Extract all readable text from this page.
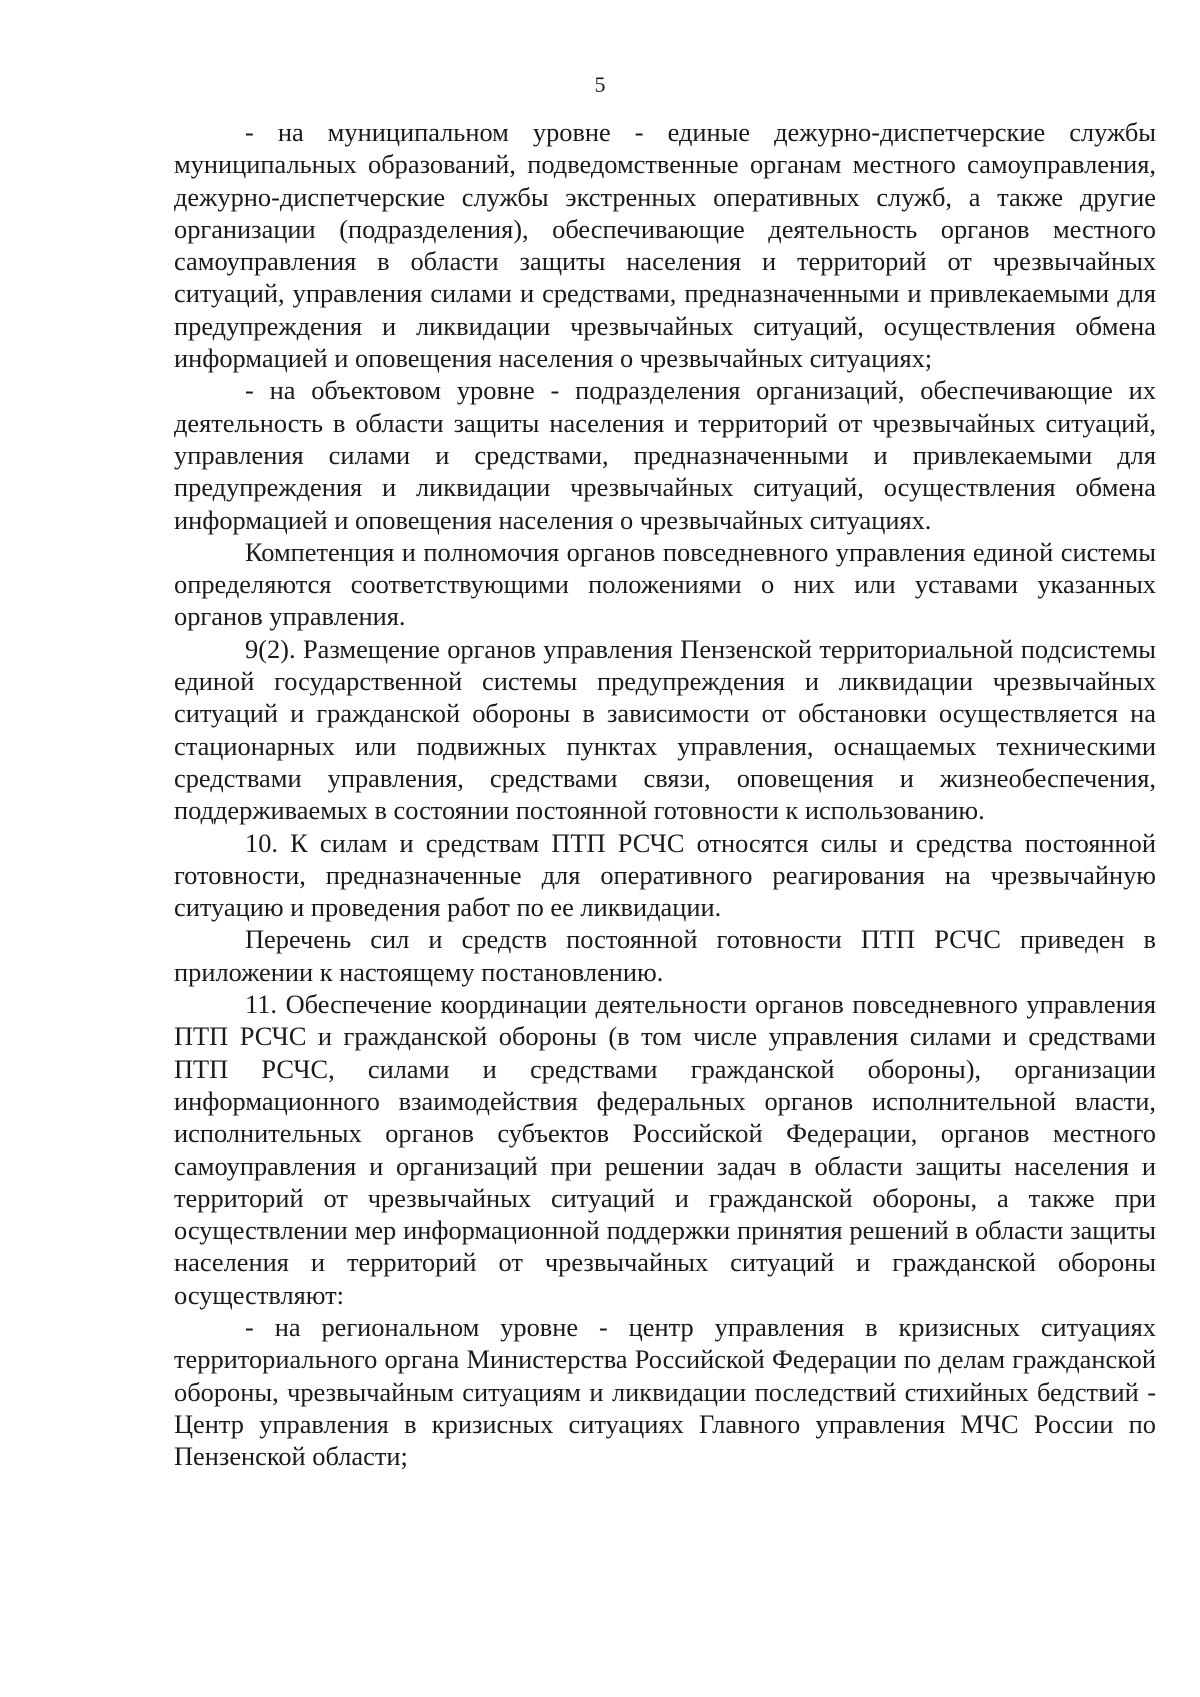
5

- на муниципальном уровне - единые дежурно-диспетчерские службы муниципальных образований, подведомственные органам местного самоуправления, дежурно-диспетчерские службы экстренных оперативных служб, а также другие организации (подразделения), обеспечивающие деятельность органов местного самоуправления в области защиты населения и территорий от чрезвычайных ситуаций, управления силами и средствами, предназначенными и привлекаемыми для предупреждения и ликвидации чрезвычайных ситуаций, осуществления обмена информацией и оповещения населения о чрезвычайных ситуациях;

- на объектовом уровне - подразделения организаций, обеспечивающие их деятельность в области защиты населения и территорий от чрезвычайных ситуаций, управления силами и средствами, предназначенными и привлекаемыми для предупреждения и ликвидации чрезвычайных ситуаций, осуществления обмена информацией и оповещения населения о чрезвычайных ситуациях.

Компетенция и полномочия органов повседневного управления единой системы определяются соответствующими положениями о них или уставами указанных органов управления.

9(2). Размещение органов управления Пензенской территориальной подсистемы единой государственной системы предупреждения и ликвидации чрезвычайных ситуаций и гражданской обороны в зависимости от обстановки осуществляется на стационарных или подвижных пунктах управления, оснащаемых техническими средствами управления, средствами связи, оповещения и жизнеобеспечения, поддерживаемых в состоянии постоянной готовности к использованию.

10. К силам и средствам ПТП РСЧС относятся силы и средства постоянной готовности, предназначенные для оперативного реагирования на чрезвычайную ситуацию и проведения работ по ее ликвидации.

Перечень сил и средств постоянной готовности ПТП РСЧС приведен в приложении к настоящему постановлению.

11. Обеспечение координации деятельности органов повседневного управления ПТП РСЧС и гражданской обороны (в том числе управления силами и средствами ПТП РСЧС, силами и средствами гражданской обороны), организации информационного взаимодействия федеральных органов исполнительной власти, исполнительных органов субъектов Российской Федерации, органов местного самоуправления и организаций при решении задач в области защиты населения и территорий от чрезвычайных ситуаций и гражданской обороны, а также при осуществлении мер информационной поддержки принятия решений в области защиты населения и территорий от чрезвычайных ситуаций и гражданской обороны осуществляют:

- на региональном уровне - центр управления в кризисных ситуациях территориального органа Министерства Российской Федерации по делам гражданской обороны, чрезвычайным ситуациям и ликвидации последствий стихийных бедствий - Центр управления в кризисных ситуациях Главного управления МЧС России по Пензенской области;
